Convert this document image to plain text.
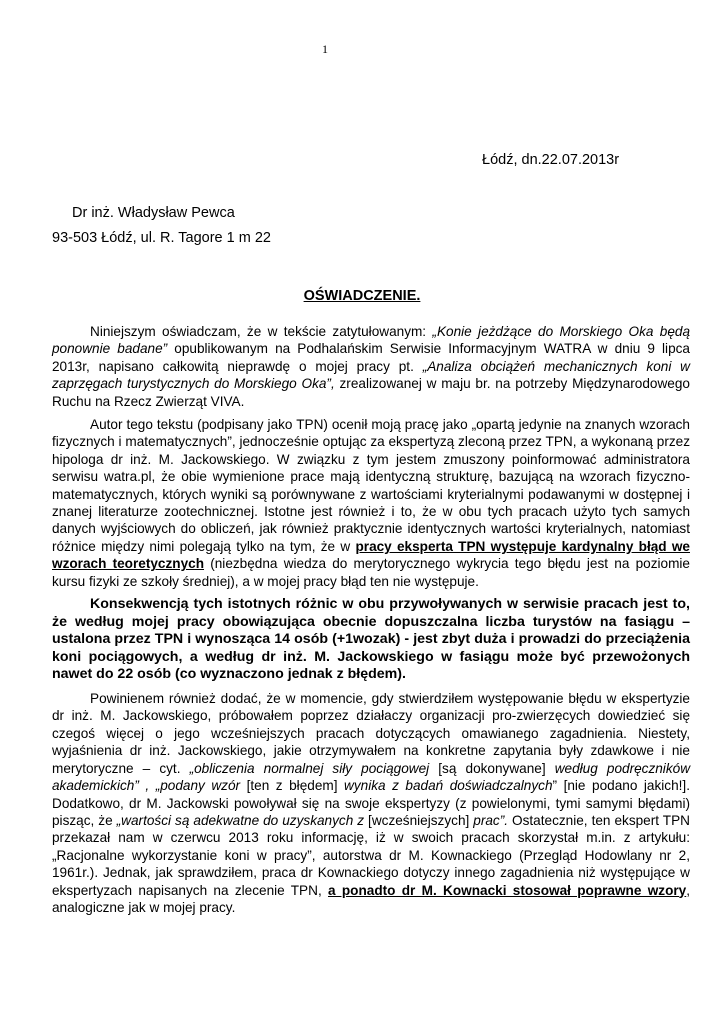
1
Łódź, dn.22.07.2013r
Dr inż. Władysław Pewca
93-503 Łódź, ul. R. Tagore 1 m 22
OŚWIADCZENIE.

Niniejszym oświadczam, że w tekście zatytułowanym: „Konie jeżdżące do Morskiego Oka będą ponownie badane” opublikowanym na Podhalańskim Serwisie Informacyjnym WATRA w dniu 9 lipca 2013r, napisano całkowitą nieprawdę o mojej pracy pt. „Analiza obciążeń mechanicznych koni w zaprzęgach turystycznych do Morskiego Oka”, zrealizowanej w maju br. na potrzeby Międzynarodowego Ruchu na Rzecz Zwierząt VIVA.

Autor tego tekstu (podpisany jako TPN) ocenił moją pracę jako „opartą jedynie na znanych wzorach fizycznych i matematycznych”, jednocześnie optując za ekspertyzą zleconą przez TPN, a wykonaną przez hipologa dr inż. M. Jackowskiego. W związku z tym jestem zmuszony poinformować administratora serwisu watra.pl, że obie wymienione prace mają identyczną strukturę, bazującą na wzorach fizyczno-matematycznych, których wyniki są porównywane z wartościami kryterialnymi podawanymi w dostępnej i znanej literaturze zootechnicznej. Istotne jest również i to, że w obu tych pracach użyto tych samych danych wyjściowych do obliczeń, jak również praktycznie identycznych wartości kryterialnych, natomiast różnice między nimi polegają tylko na tym, że w pracy eksperta TPN występuje kardynalny błąd we wzorach teoretycznych (niezbędna wiedza do merytorycznego wykrycia tego błędu jest na poziomie kursu fizyki ze szkoły średniej), a w mojej pracy błąd ten nie występuje.

Konsekwencją tych istotnych różnic w obu przywoływanych w serwisie pracach jest to, że według mojej pracy obowiązująca obecnie dopuszczalna liczba turystów na fasiągu – ustalona przez TPN i wynosząca 14 osób (+1wozak) - jest zbyt duża i prowadzi do przeciążenia koni pociągowych, a według dr inż. M. Jackowskiego w fasiągu może być przewożonych nawet do 22 osób (co wyznaczono jednak z błędem).

Powinienem również dodać, że w momencie, gdy stwierdziłem występowanie błędu w ekspertyzie dr inż. M. Jackowskiego, próbowałem poprzez działaczy organizacji pro-zwierzęcych dowiedzieć się czegoś więcej o jego wcześniejszych pracach dotyczących omawianego zagadnienia. Niestety, wyjaśnienia dr inż. Jackowskiego, jakie otrzymywałem na konkretne zapytania były zdawkowe i nie merytoryczne – cyt. „obliczenia normalnej siły pociągowej [są dokonywane] według podręczników akademickich” , „podany wzór [ten z błędem] wynika z badań doświadczalnych” [nie podano jakich!]. Dodatkowo, dr M. Jackowski powoływał się na swoje ekspertyzy (z powielonymi, tymi samymi błędami) pisząc, że „wartości są adekwatne do uzyskanych z [wcześniejszych] prac”. Ostatecznie, ten ekspert TPN przekazał nam w czerwcu 2013 roku informację, iż w swoich pracach skorzystał m.in. z artykułu: „Racjonalne wykorzystanie koni w pracy”, autorstwa dr M. Kownackiego (Przegląd Hodowlany nr 2, 1961r.). Jednak, jak sprawdziłem, praca dr Kownackiego dotyczy innego zagadnienia niż występujące w ekspertyzach napisanych na zlecenie TPN, a ponadto dr M. Kownacki stosował poprawne wzory, analogiczne jak w mojej pracy.
